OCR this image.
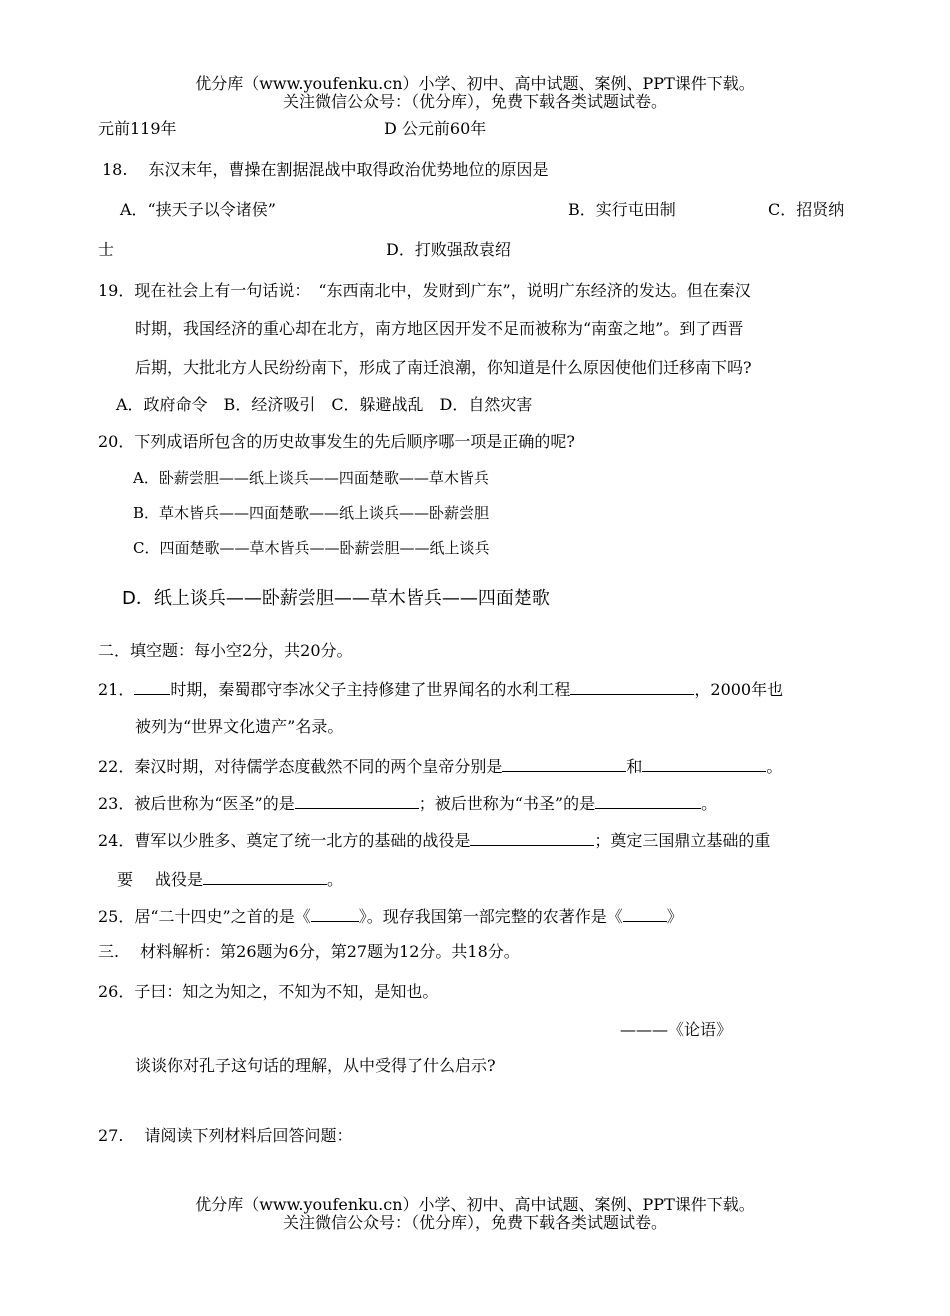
优分库（www.youfenku.cn）小学、初中、高中试题、案例、PPT课件下载。
关注微信公众号：（优分库），免费下载各类试题试卷。
元前119年	D 公元前60年
18.　 东汉末年，曹操在割据混战中取得政治优势地位的原因是
A．“挟天子以令诸侯”	B．实行屯田制	C．招贤纳
士	D．打败强敌袁绍
19．现在社会上有一句话说：　“东西南北中，发财到广东”，说明广东经济的发达。但在秦汉
时期，我国经济的重心却在北方，南方地区因开发不足而被称为“南蛮之地”。到了西晋
后期，大批北方人民纷纷南下，形成了南迁浪潮，你知道是什么原因使他们迁移南下吗?
A．政府命令　B．经济吸引　C．躲避战乱　D．自然灾害
20．下列成语所包含的历史故事发生的先后顺序哪一项是正确的呢?
A．卧薪尝胆——纸上谈兵——四面楚歌——草木皆兵
B．草木皆兵——四面楚歌——纸上谈兵——卧薪尝胆
C．四面楚歌——草木皆兵——卧薪尝胆——纸上谈兵
D．纸上谈兵——卧薪尝胆——草木皆兵——四面楚歌
二．填空题：每小空2分，共20分。
21． 时期，秦蜀郡守李冰父子主持修建了世界闻名的水利工程	，2000年也
被列为“世界文化遗产”名录。
22．秦汉时期，对待儒学态度截然不同的两个皇帝分别是	和	。
23．被后世称为“医圣”的是	；被后世称为“书圣”的是	。
24．曹军以少胜多、奠定了统一北方的基础的战役是	；奠定三国鼎立基础的重
要 战役是	。
25．居“二十四史”之首的是《	》。现存我国第一部完整的农著作是《	》
三.　 材料解析：第26题为6分，第27题为12分。共18分。
26．子曰：知之为知之，不知为不知，是知也。
———《论语》
谈谈你对孔子这句话的理解，从中受得了什么启示?
27.　 请阅读下列材料后回答问题：
优分库（www.youfenku.cn）小学、初中、高中试题、案例、PPT课件下载。
关注微信公众号：（优分库），免费下载各类试题试卷。
